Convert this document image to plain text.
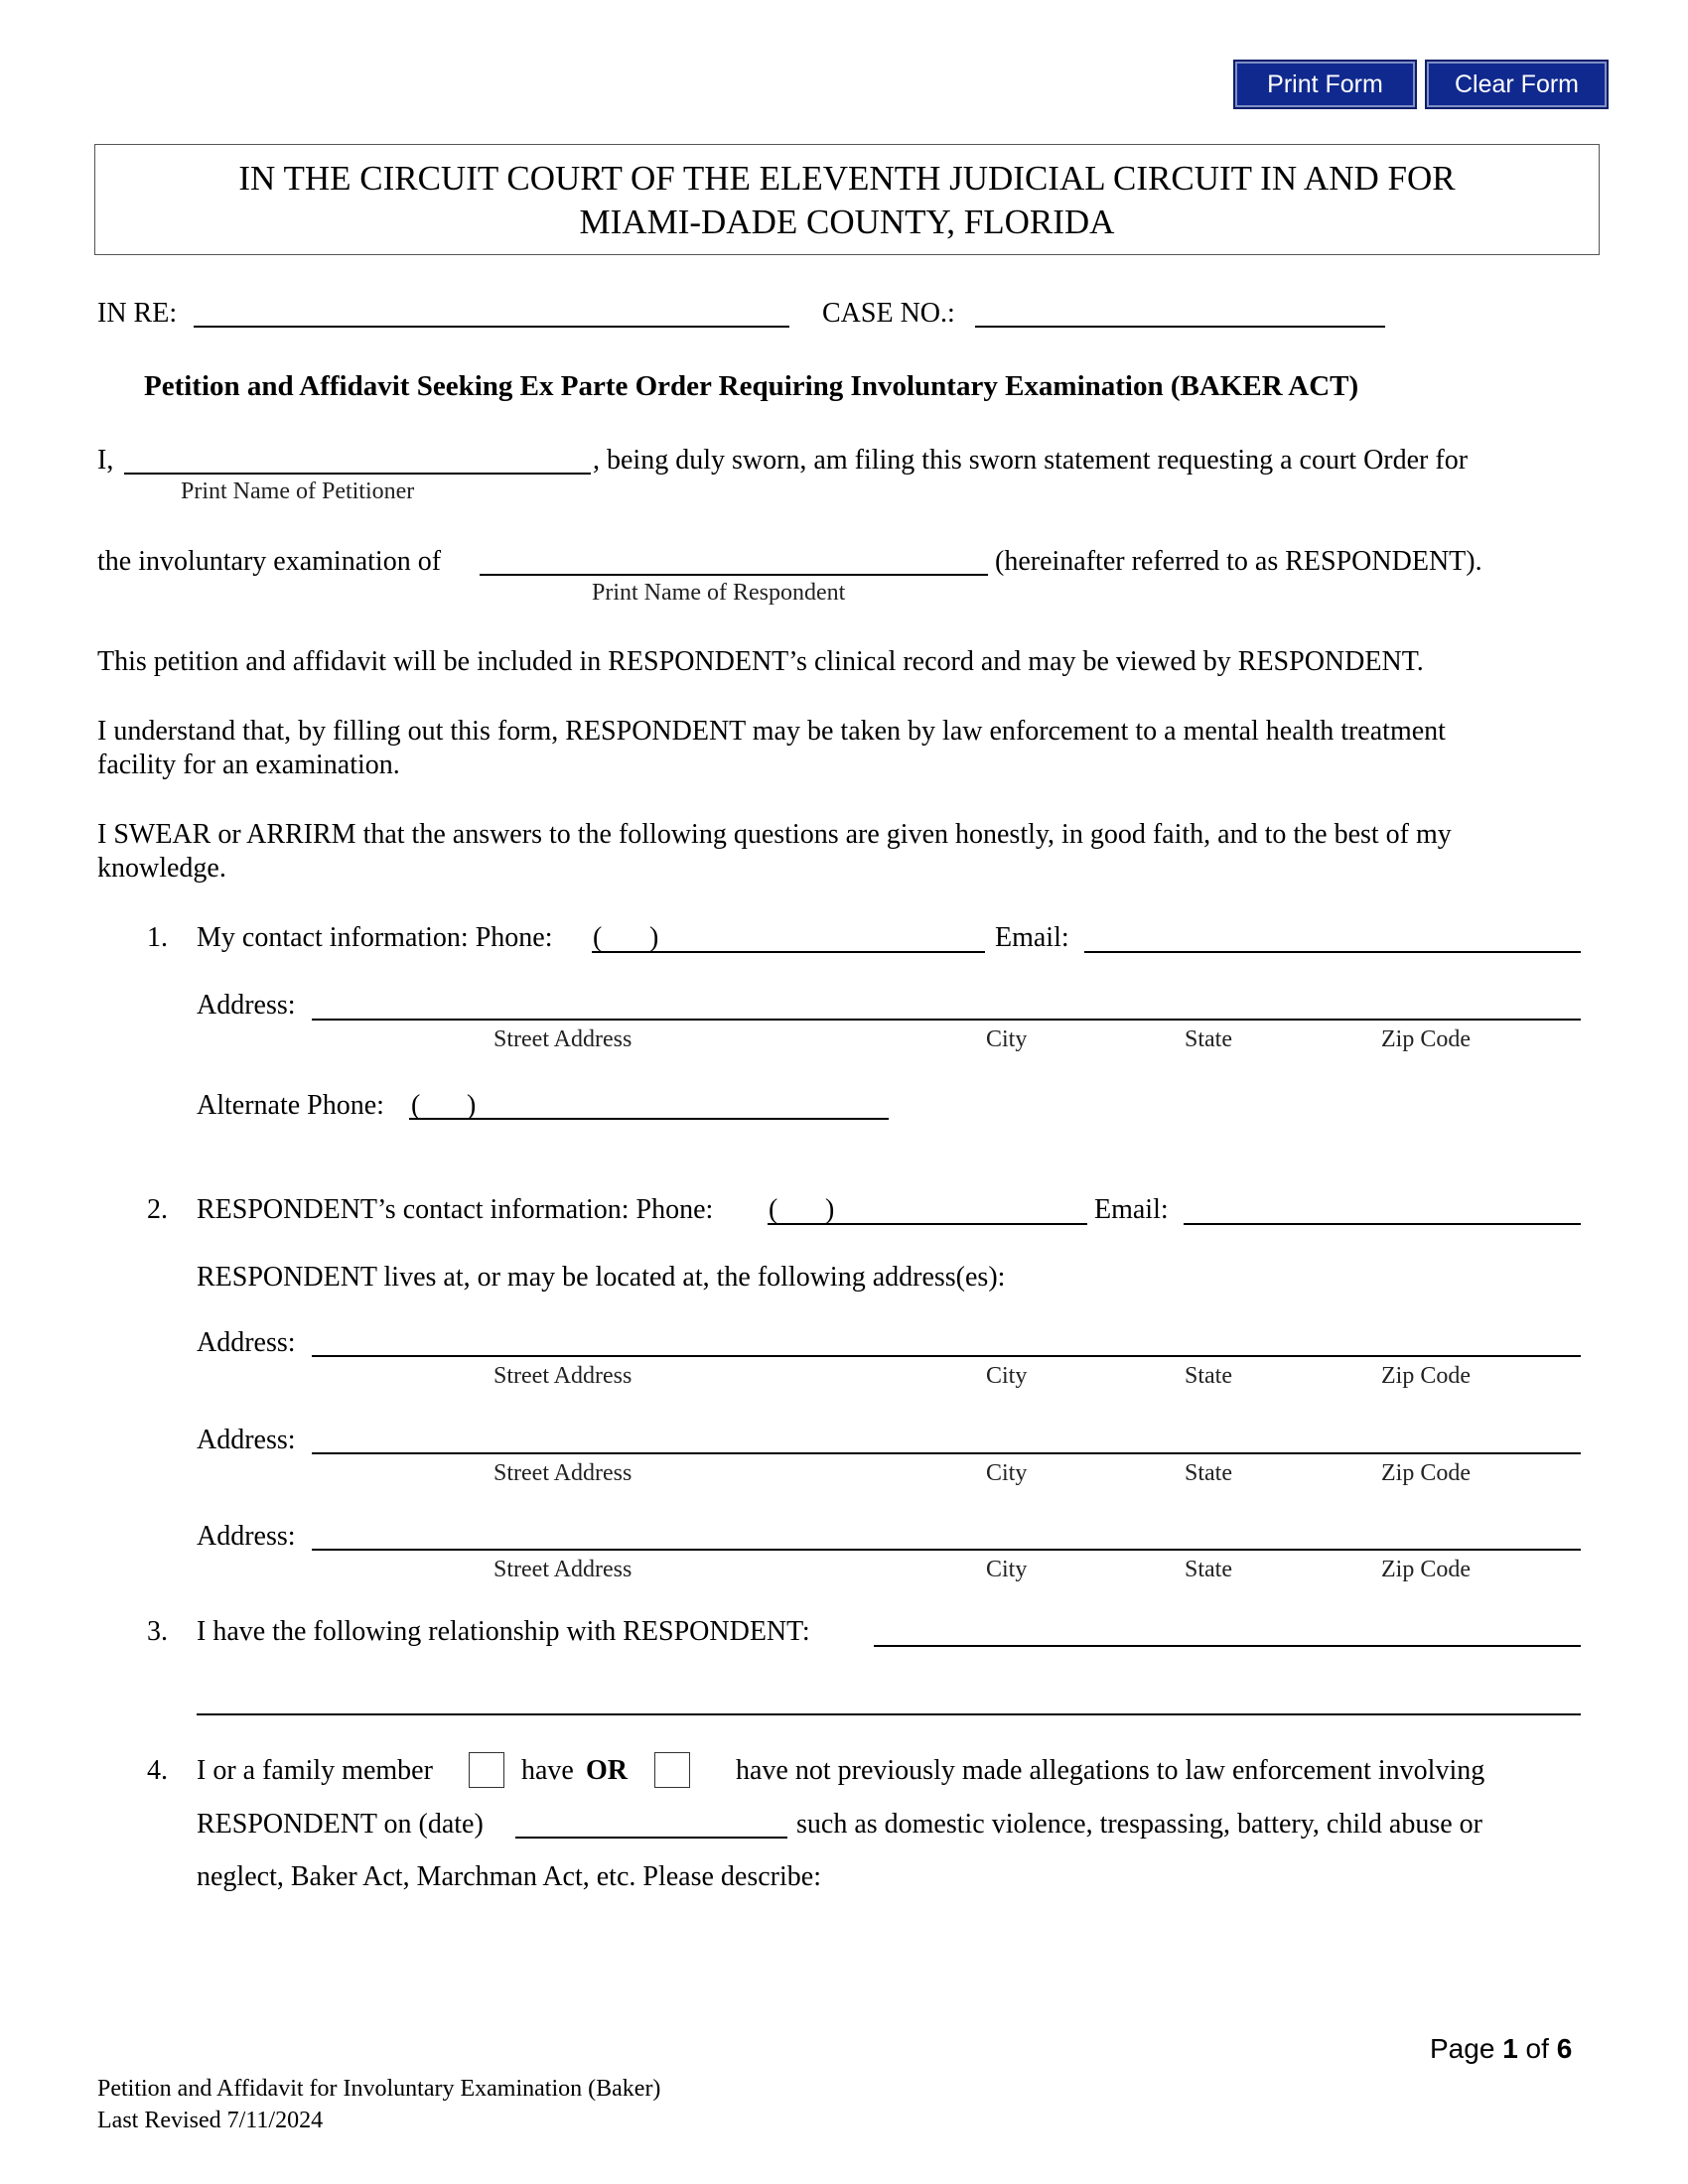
Print Form	Clear Form
IN THE CIRCUIT COURT OF THE ELEVENTH JUDICIAL CIRCUIT IN AND FOR
MIAMI-DADE COUNTY, FLORIDA
IN RE:	CASE NO.:
Petition and Affidavit Seeking Ex Parte Order Requiring Involuntary Examination (BAKER ACT)
I,	, being duly sworn, am filing this sworn statement requesting a court Order for
Print Name of Petitioner
the involuntary examination of	(hereinafter referred to as RESPONDENT).
Print Name of Respondent
This petition and affidavit will be included in RESPONDENT’s clinical record and may be viewed by RESPONDENT.
I understand that, by filling out this form, RESPONDENT may be taken by law enforcement to a mental health treatment
facility for an examination.
I SWEAR or ARRIRM that the answers to the following questions are given honestly, in good faith, and to the best of my
knowledge.
1. My contact information: Phone: ( )	Email:
Address:
Street Address	City	State	Zip Code
Alternate Phone: ( )
2. RESPONDENT’s contact information: Phone: ( )	Email:
RESPONDENT lives at, or may be located at, the following address(es):
Address:
Street Address	City	State	Zip Code
Address:
Street Address	City	State	Zip Code
Address:
Street Address	City	State	Zip Code
3. I have the following relationship with RESPONDENT:
4. I or a family member	have OR	have not previously made allegations to law enforcement involving
RESPONDENT on (date)	such as domestic violence, trespassing, battery, child abuse or
neglect, Baker Act, Marchman Act, etc. Please describe:
Page 1 of 6
Petition and Affidavit for Involuntary Examination (Baker)
Last Revised 7/11/2024
